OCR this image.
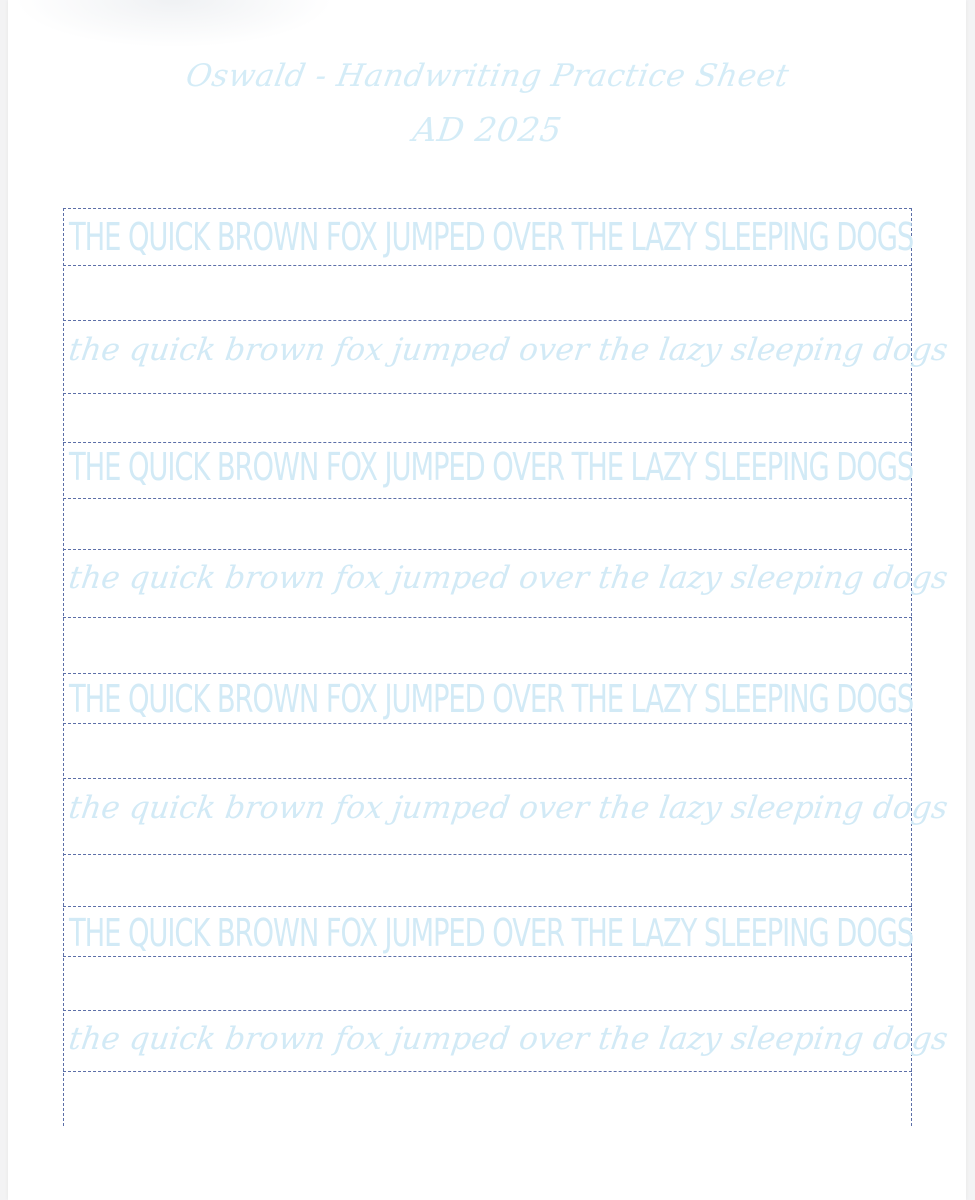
Oswald - Handwriting Practice Sheet
AD 2025
THE QUICK BROWN FOX JUMPED OVER THE LAZY SLEEPING DOGS
the quick brown fox jumped over the lazy sleeping dogs
THE QUICK BROWN FOX JUMPED OVER THE LAZY SLEEPING DOGS
the quick brown fox jumped over the lazy sleeping dogs
THE QUICK BROWN FOX JUMPED OVER THE LAZY SLEEPING DOGS
the quick brown fox jumped over the lazy sleeping dogs
THE QUICK BROWN FOX JUMPED OVER THE LAZY SLEEPING DOGS
the quick brown fox jumped over the lazy sleeping dogs
